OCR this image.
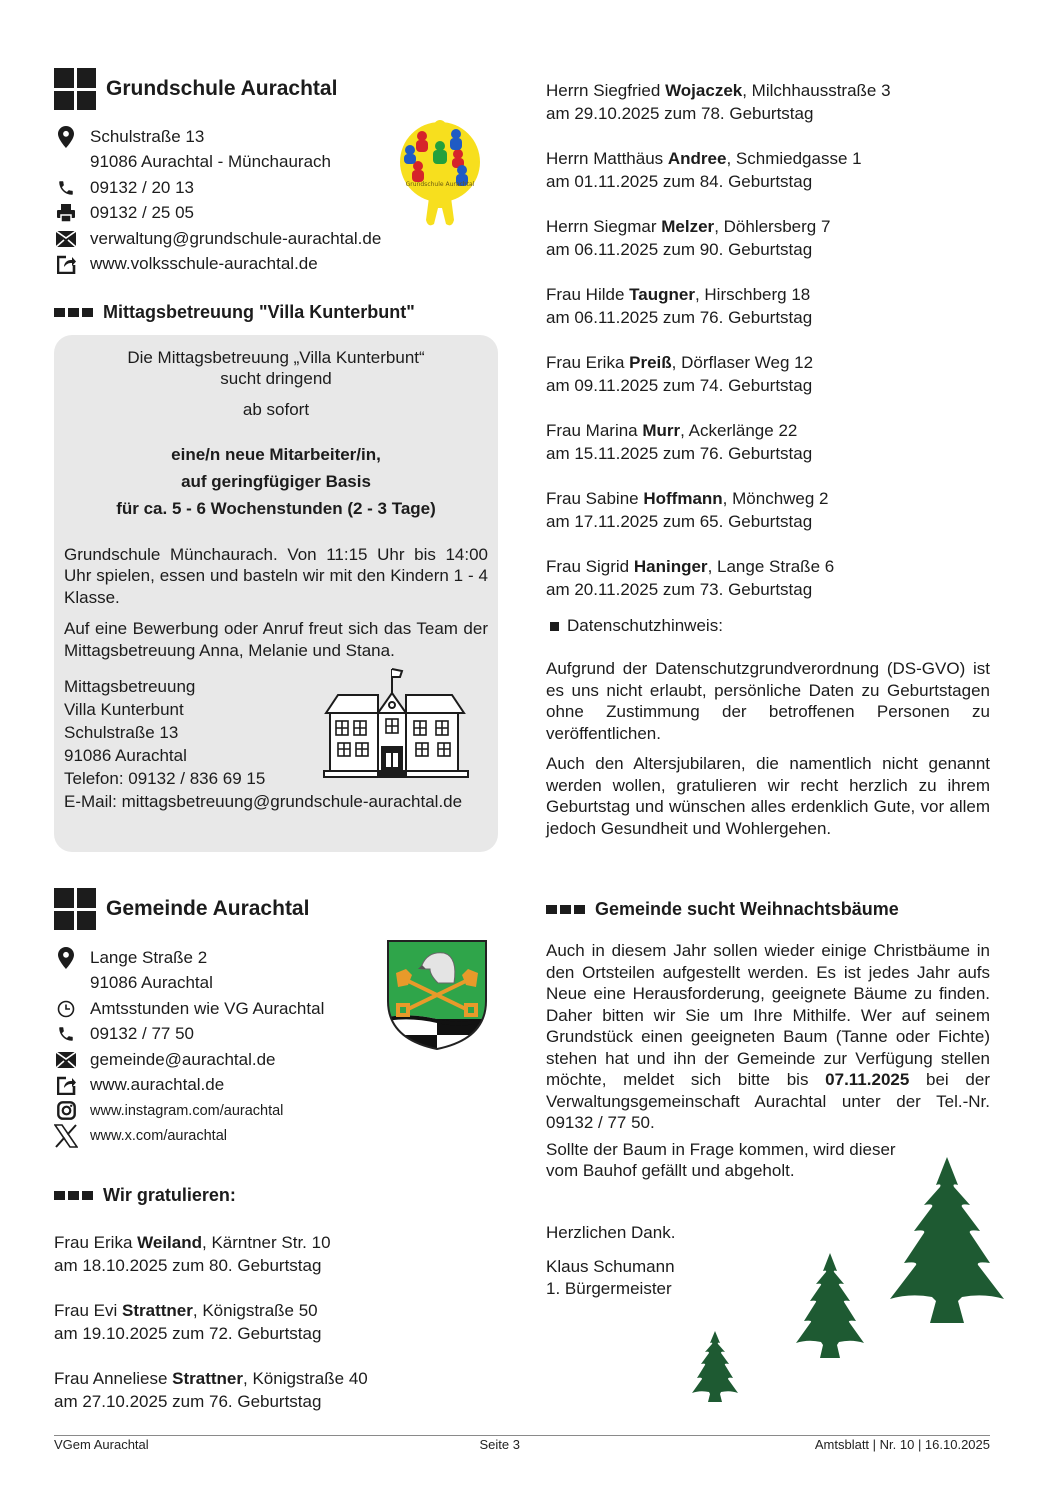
Grundschule Aurachtal
Schulstraße 13
91086 Aurachtal - Münchaurach
09132 / 20 13
09132 / 25 05
verwaltung@grundschule-aurachtal.de
www.volksschule-aurachtal.de
Grundschule Aurachtal
Mittagsbetreuung "Villa Kunterbunt"

Die Mittagsbetreuung „Villa Kunterbunt“

sucht dringend

ab sofort

eine/n neue Mitarbeiter/in,

auf geringfügiger Basis

für ca. 5 - 6 Wochenstunden (2 - 3 Tage)

Grundschule Münchaurach. Von 11:15 Uhr bis 14:00 Uhr spielen, essen und basteln wir mit den Kindern 1 - 4 Klasse.

Auf eine Bewerbung oder Anruf freut sich das Team der Mittagsbetreuung Anna, Melanie und Stana.

Mittagsbetreuung
Villa Kunterbunt
Schulstraße 13
91086 Aurachtal
Telefon: 09132 / 836 69 15
E-Mail: mittagsbetreuung@grundschule-aurachtal.de
Herrn Siegfried Wojaczek, Milchhausstraße 3
am 29.10.2025 zum 78. Geburtstag
Herrn Matthäus Andree, Schmiedgasse 1
am 01.11.2025 zum 84. Geburtstag
Herrn Siegmar Melzer, Döhlersberg 7
am 06.11.2025 zum 90. Geburtstag
Frau Hilde Taugner, Hirschberg 18
am 06.11.2025 zum 76. Geburtstag
Frau Erika Preiß, Dörflaser Weg 12
am 09.11.2025 zum 74. Geburtstag
Frau Marina Murr, Ackerlänge 22
am 15.11.2025 zum 76. Geburtstag
Frau Sabine Hoffmann, Mönchweg 2
am 17.11.2025 zum 65. Geburtstag
Frau Sigrid Haninger, Lange Straße 6
am 20.11.2025 zum 73. Geburtstag
Datenschutzhinweis:

Aufgrund der Datenschutzgrundverordnung (DS-GVO) ist es uns nicht erlaubt, persönliche Daten zu Geburtstagen ohne Zustimmung der betroffenen Personen zu veröffentlichen.

Auch den Altersjubilaren, die namentlich nicht genannt werden wollen, gratulieren wir recht herzlich zu ihrem Geburtstag und wünschen alles erdenklich Gute, vor allem jedoch Gesundheit und Wohlergehen.

Gemeinde Aurachtal
Lange Straße 2
91086 Aurachtal
Amtsstunden wie VG Aurachtal
09132 / 77 50
gemeinde@aurachtal.de
www.aurachtal.de
www.instagram.com/aurachtal
www.x.com/aurachtal
Wir gratulieren:
Frau Erika Weiland, Kärntner Str. 10
am 18.10.2025 zum 80. Geburtstag
Frau Evi Strattner, Königstraße 50
am 19.10.2025 zum 72. Geburtstag
Frau Anneliese Strattner, Königstraße 40
am 27.10.2025 zum 76. Geburtstag
Gemeinde sucht Weihnachtsbäume

Auch in diesem Jahr sollen wieder einige Christbäume in den Ortsteilen aufgestellt werden. Es ist jedes Jahr aufs Neue eine Herausforderung, geeignete Bäume zu finden. Daher bitten wir Sie um Ihre Mithilfe. Wer auf seinem Grundstück einen geeigneten Baum (Tanne oder Fichte) stehen hat und ihn der Gemeinde zur Verfügung stellen möchte, meldet sich bitte bis 07.11.2025 bei der Verwaltungsgemeinschaft Aurachtal unter der Tel.-Nr. 09132 / 77 50.

Sollte der Baum in Frage kommen, wird dieser
vom Bauhof gefällt und abgeholt.

Herzlichen Dank.

Klaus Schumann

1. Bürgermeister

VGem Aurachtal	Seite 3	Amtsblatt | Nr. 10 | 16.10.2025
